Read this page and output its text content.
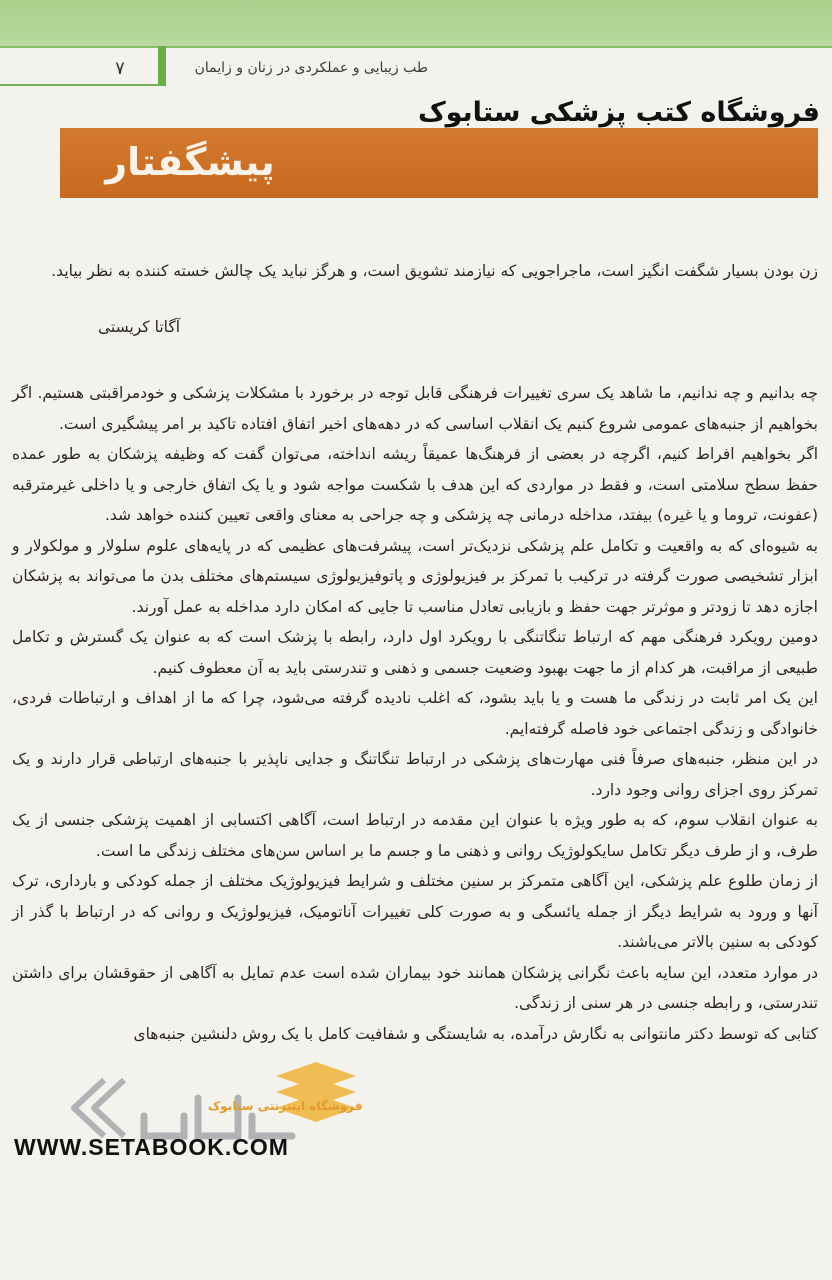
۷	طب زیبایی و عملکردی در زنان و زایمان
فروشگاه کتب پزشکی ستابوک
پیشگفتار
زن بودن بسیار شگفت انگیز است، ماجراجویی که نیازمند تشویق است، و هرگز نباید یک چالش خسته کننده به نظر بیاید.
آگاتا کریستی

چه بدانیم و چه ندانیم، ما شاهد یک سری تغییرات فرهنگی قابل توجه در برخورد با مشکلات پزشکی و خودمراقبتی هستیم. اگر بخواهیم از جنبه‌های عمومی شروع کنیم یک انقلاب اساسی که در دهه‌های اخیر اتفاق افتاده تاکید بر امر پیشگیری است.

اگر بخواهیم افراط کنیم، اگرچه در بعضی از فرهنگ‌ها عمیقاً ریشه انداخته، می‌توان گفت که وظیفه پزشکان به طور عمده حفظ سطح سلامتی است، و فقط در مواردی که این هدف با شکست مواجه شود و یا یک اتفاق خارجی و یا داخلی غیرمترقبه (عفونت، تروما و یا غیره) بیفتد، مداخله درمانی چه پزشکی و چه جراحی به معنای واقعی تعیین کننده خواهد شد.

به شیوه‌ای که به واقعیت و تکامل علم پزشکی نزدیک‌تر است، پیشرفت‌های عظیمی که در پایه‌های علوم سلولار و مولکولار و ابزار تشخیصی صورت گرفته در ترکیب با تمرکز بر فیزیولوژی و پاتوفیزیولوژی سیستم‌های مختلف بدن ما می‌تواند به پزشکان اجازه دهد تا زودتر و موثرتر جهت حفظ و بازیابی تعادل مناسب تا جایی که امکان دارد مداخله به عمل آورند.

دومین رویکرد فرهنگی مهم که ارتباط تنگاتنگی با رویکرد اول دارد، رابطه با پزشک است که به عنوان یک گسترش و تکامل طبیعی از مراقبت، هر کدام از ما جهت بهبود وضعیت جسمی و ذهنی و تندرستی باید به آن معطوف کنیم.

این یک امر ثابت در زندگی ما هست و یا باید بشود، که اغلب نادیده گرفته می‌شود، چرا که ما از اهداف و ارتباطات فردی، خانوادگی و زندگی اجتماعی خود فاصله گرفته‌ایم.

در این منظر، جنبه‌های صرفاً فنی مهارت‌های پزشکی در ارتباط تنگاتنگ و جدایی ناپذیر با جنبه‌های ارتباطی قرار دارند و یک تمرکز روی اجزای روانی وجود دارد.

به عنوان انقلاب سوم، که به طور ویژه با عنوان این مقدمه در ارتباط است، آگاهی اکتسابی از اهمیت پزشکی جنسی از یک طرف، و از طرف دیگر تکامل سایکولوژیک روانی و ذهنی ما و جسم ما بر اساس سن‌های مختلف زندگی ما است.

از زمان طلوع علم پزشکی، این آگاهی متمرکز بر سنین مختلف و شرایط فیزیولوژیک مختلف از جمله کودکی و بارداری، ترک آنها و ورود به شرایط دیگر از جمله یائسگی و به صورت کلی تغییرات آناتومیک، فیزیولوژیک و روانی که در ارتباط با گذر از کودکی به سنین بالاتر می‌باشند.

در موارد متعدد، این سایه باعث نگرانی پزشکان همانند خود بیماران شده است عدم تمایل به آگاهی از حقوقشان برای داشتن تندرستی، و رابطه جنسی در هر سنی از زندگی.

کتابی که توسط دکتر مانتوانی به نگارش درآمده، به شایستگی و شفافیت کامل با یک روش دلنشین جنبه‌های

فروشگاه اینترنتی ستابوک
WWW.SETABOOK.COM
